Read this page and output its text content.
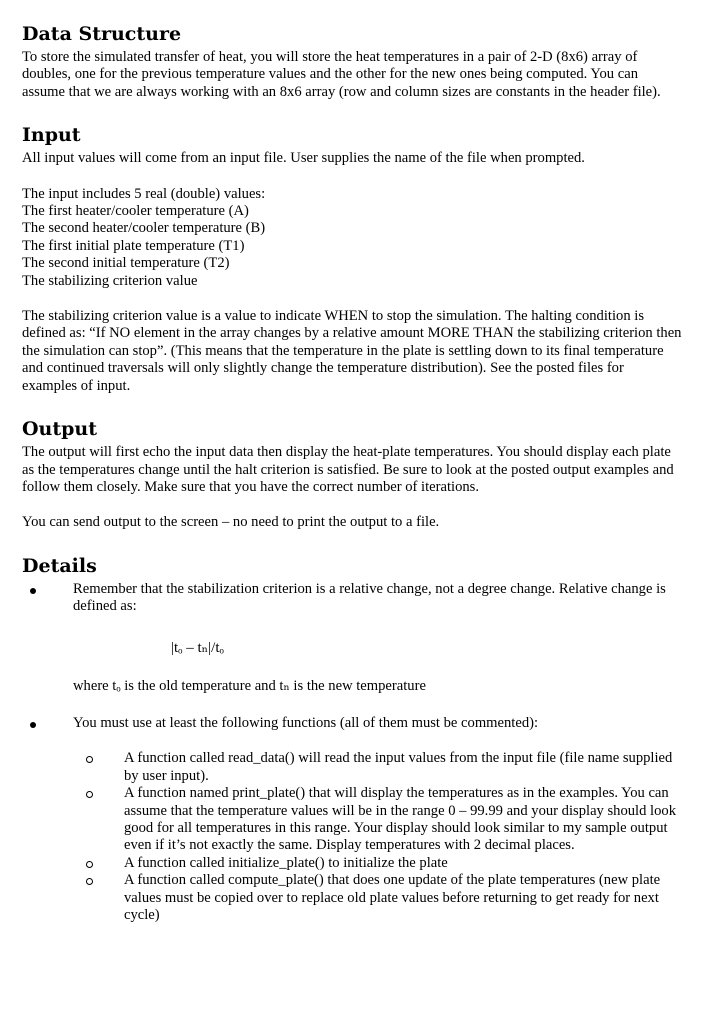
Data Structure

To store the simulated transfer of heat, you will store the heat temperatures in a pair of 2-D (8x6) array of doubles, one for the previous temperature values and the other for the new ones being computed. You can assume that we are always working with an 8x6 array (row and column sizes are constants in the header file).

Input

All input values will come from an input file. User supplies the name of the file when prompted.

The input includes 5 real (double) values:
The first heater/cooler temperature (A)
The second heater/cooler temperature (B)
The first initial plate temperature (T1)
The second initial temperature (T2)
The stabilizing criterion value

The stabilizing criterion value is a value to indicate WHEN to stop the simulation. The halting condition is defined as: “If NO element in the array changes by a relative amount MORE THAN the stabilizing criterion then the simulation can stop”. (This means that the temperature in the plate is settling down to its final temperature and continued traversals will only slightly change the temperature distribution). See the posted files for examples of input.

Output

The output will first echo the input data then display the heat-plate temperatures. You should display each plate as the temperatures change until the halt criterion is satisfied. Be sure to look at the posted output examples and follow them closely. Make sure that you have the correct number of iterations.

You can send output to the screen – no need to print the output to a file.

Details
Remember that the stabilization criterion is a relative change, not a degree change. Relative change is defined as:
|tₒ – tₙ|/tₒ
where tₒ is the old temperature and tₙ is the new temperature
You must use at least the following functions (all of them must be commented):
A function called read_data() will read the input values from the input file (file name supplied by user input).
A function named print_plate() that will display the temperatures as in the examples. You can assume that the temperature values will be in the range 0 – 99.99 and your display should look good for all temperatures in this range. Your display should look similar to my sample output even if it’s not exactly the same. Display temperatures with 2 decimal places.
A function called initialize_plate() to initialize the plate
A function called compute_plate() that does one update of the plate temperatures (new plate values must be copied over to replace old plate values before returning to get ready for next cycle)
